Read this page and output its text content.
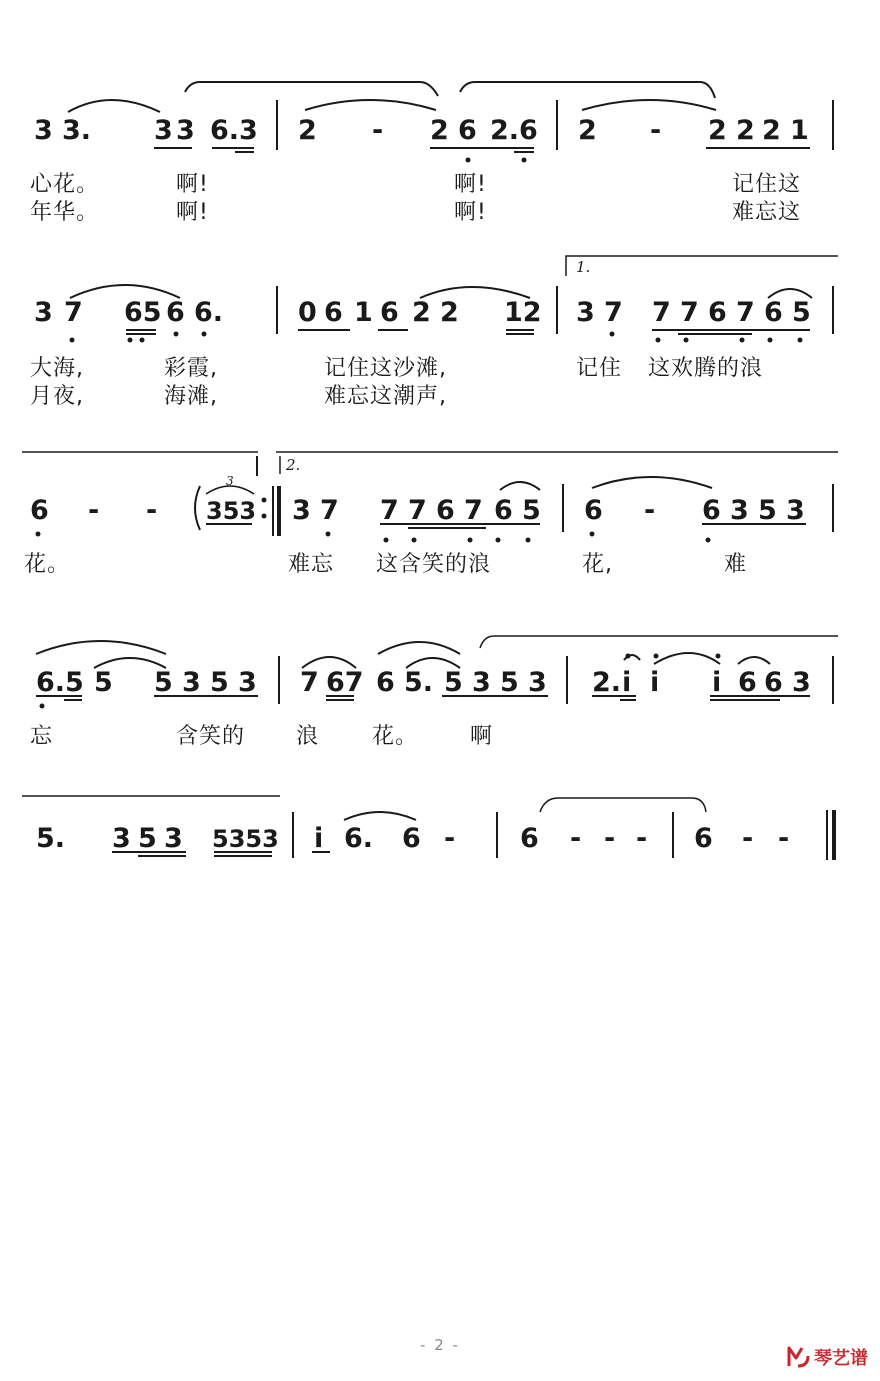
3 3. 3 3 6.3 2 - 2 6 2.6 2 - 2 2 2 1
心花。	啊!	啊!	记住这
年华。	啊!	啊!	难忘这
1.
3 7 65 6 6.	0 6 1 6 2 2 12 3 7 7 7 6 7 6 5
大海,	彩霞,	记住这沙滩,	记住 这欢腾的浪
月夜,	海滩,	难忘这潮声,
3
2.
6 - - 353 3 7 7 7 6 7 6 5 6 - 6 3 5 3
花。	难忘 这含笑的浪	花,	难
6.5 5 5 3 5 3 7 67 6 5. 5 3 5 3 2. i i i 6 6 3
忘	含笑的 浪 花。 啊
5. 3 5 3 5353 i 6. 6 - 6 - - - 6 - -
- 2 -
琴艺谱
